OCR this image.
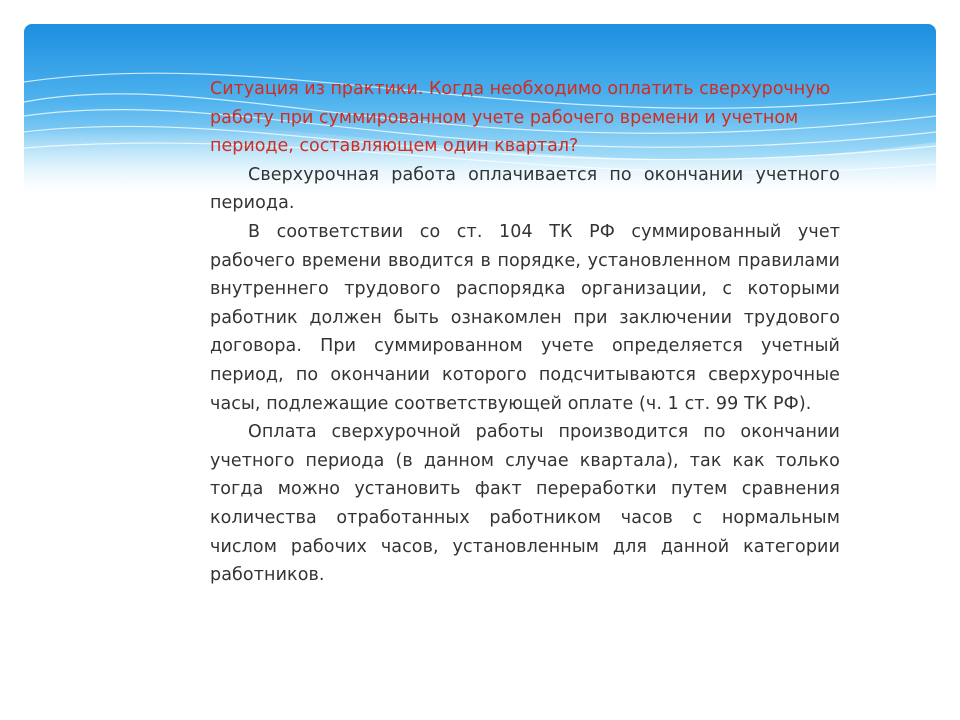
Ситуация из практики. Когда необходимо оплатить сверхурочную работу при суммированном учете рабочего времени и учетном периоде, составляющем один квартал?

Сверхурочная работа оплачивается по окончании учетного периода.

В соответствии со ст. 104 ТК РФ суммированный учет рабочего времени вводится в порядке, установленном правилами внутреннего трудового распорядка организации, с которыми работник должен быть ознакомлен при заключении трудового договора. При суммированном учете определяется учетный период, по окончании которого подсчитываются сверхурочные часы, подлежащие соответствующей оплате (ч. 1 ст. 99 ТК РФ).

Оплата сверхурочной работы производится по окончании учетного периода (в данном случае квартала), так как только тогда можно установить факт переработки путем сравнения количества отработанных работником часов с нормальным числом рабочих часов, установленным для данной категории работников.
